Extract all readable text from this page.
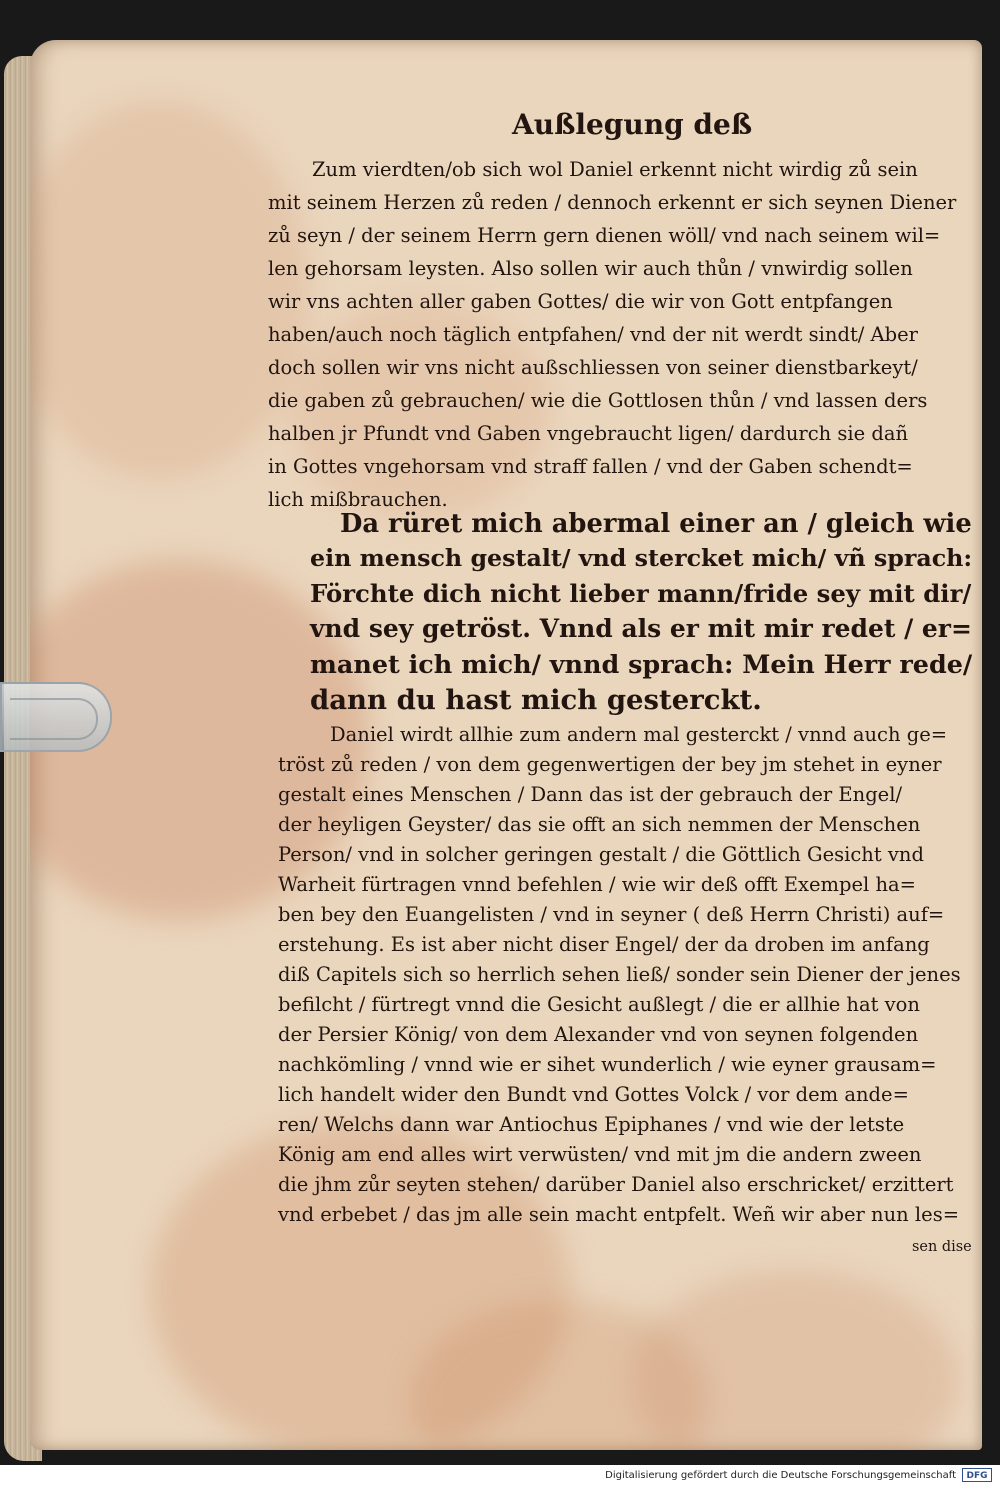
Außlegung deß

Zum vierdten/ob sich wol Daniel erkennt nicht wirdig zů sein

mit seinem Herzen zů reden / dennoch erkennt er sich seynen Diener

zů seyn / der seinem Herrn gern dienen wöll/ vnd nach seinem wil=

len gehorsam leysten. Also sollen wir auch thůn / vnwirdig sollen

wir vns achten aller gaben Gottes/ die wir von Gott entpfangen

haben/auch noch täglich entpfahen/ vnd der nit werdt sindt/ Aber

doch sollen wir vns nicht außschliessen von seiner dienstbarkeyt/

die gaben zů gebrauchen/ wie die Gottlosen thůn / vnd lassen ders

halben jr Pfundt vnd Gaben vngebraucht ligen/ dardurch sie dañ

in Gottes vngehorsam vnd straff fallen / vnd der Gaben schendt=

lich mißbrauchen.

Da rüret mich abermal einer an / gleich wie

ein mensch gestalt/ vnd stercket mich/ vñ sprach:

Förchte dich nicht lieber mann/fride sey mit dir/

vnd sey getröst. Vnnd als er mit mir redet / er=

manet ich mich/ vnnd sprach: Mein Herr rede/

dann du hast mich gesterckt.

Daniel wirdt allhie zum andern mal gesterckt / vnnd auch ge=

tröst zů reden / von dem gegenwertigen der bey jm stehet in eyner

gestalt eines Menschen / Dann das ist der gebrauch der Engel/

der heyligen Geyster/ das sie offt an sich nemmen der Menschen

Person/ vnd in solcher geringen gestalt / die Göttlich Gesicht vnd

Warheit fürtragen vnnd befehlen / wie wir deß offt Exempel ha=

ben bey den Euangelisten / vnd in seyner ( deß Herrn Christi) auf=

erstehung. Es ist aber nicht diser Engel/ der da droben im anfang

diß Capitels sich so herrlich sehen ließ/ sonder sein Diener der jenes

befilcht / fürtregt vnnd die Gesicht außlegt / die er allhie hat von

der Persier König/ von dem Alexander vnd von seynen folgenden

nachkömling / vnnd wie er sihet wunderlich / wie eyner grausam=

lich handelt wider den Bundt vnd Gottes Volck / vor dem ande=

ren/ Welchs dann war Antiochus Epiphanes / vnd wie der letste

König am end alles wirt verwüsten/ vnd mit jm die andern zween

die jhm zůr seyten stehen/ darüber Daniel also erschricket/ erzittert

vnd erbebet / das jm alle sein macht entpfelt. Weñ wir aber nun les=

sen dise

Digitalisierung gefördert durch die Deutsche Forschungsgemeinschaft	DFG
